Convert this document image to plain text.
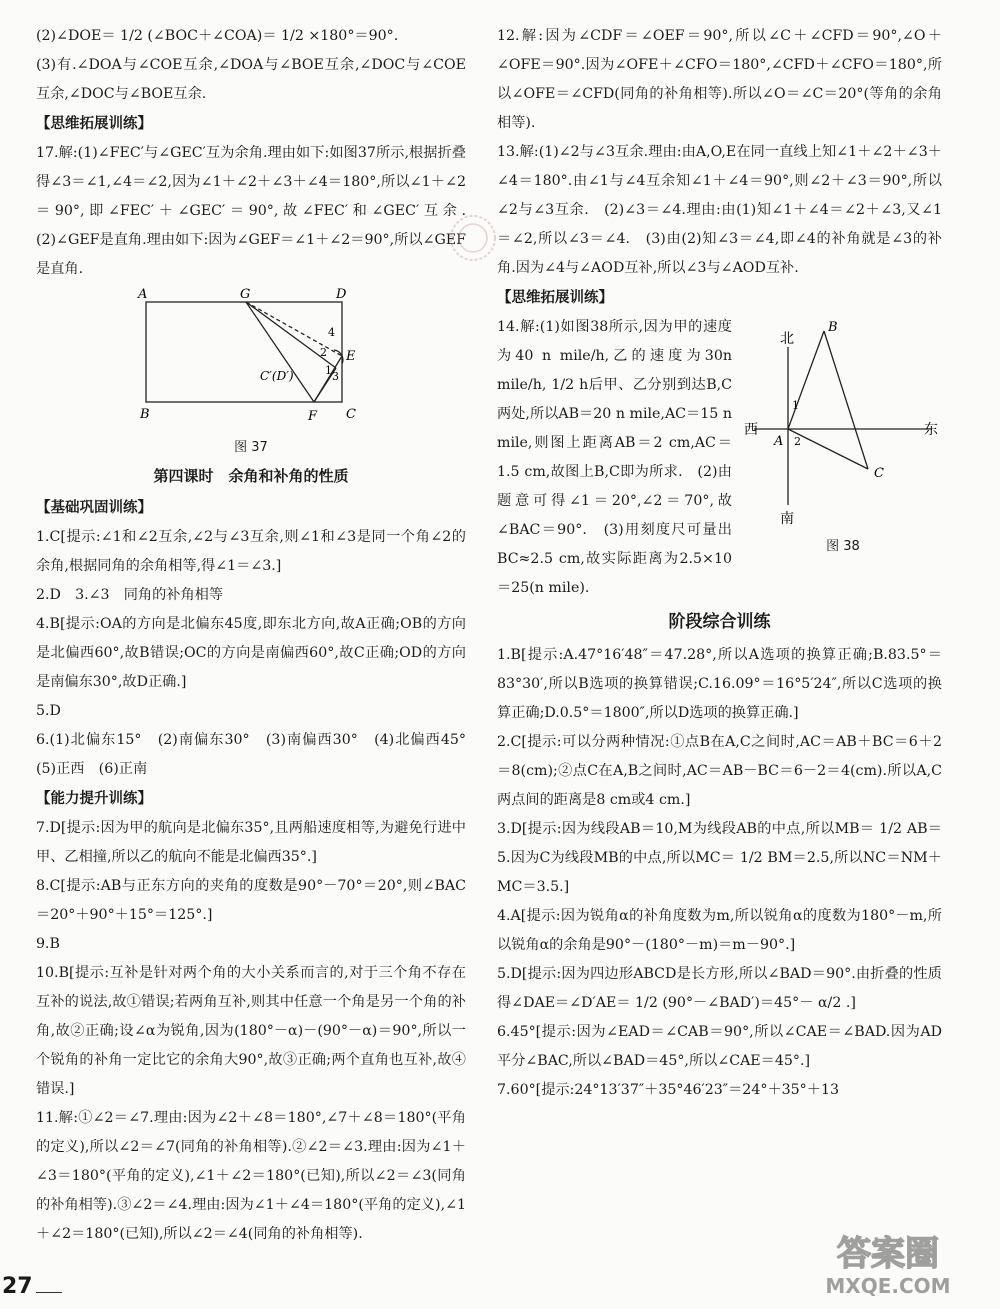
(2)∠DOE＝ 1/2 (∠BOC＋∠COA)＝ 1/2 ×180°＝90°.

(3)有.∠DOA与∠COE互余,∠DOA与∠BOE互余,∠DOC与∠COE互余,∠DOC与∠BOE互余.

【思维拓展训练】

17.解:(1)∠FEC′与∠GEC′互为余角.理由如下:如图37所示,根据折叠得∠3＝∠1,∠4＝∠2,因为∠1＋∠2＋∠3＋∠4＝180°,所以∠1＋∠2＝90°,即∠FEC′＋∠GEC′＝90°,故∠FEC′和∠GEC′互余.　(2)∠GEF是直角.理由如下:因为∠GEF＝∠1＋∠2＝90°,所以∠GEF是直角.

A	G	D
B	F C
E
C′(D′)	1
2
3
4
图 37
第四课时　余角和补角的性质
【基础巩固训练】

1.C[提示:∠1和∠2互余,∠2与∠3互余,则∠1和∠3是同一个角∠2的余角,根据同角的余角相等,得∠1＝∠3.]

2.D　3.∠3　同角的补角相等

4.B[提示:OA的方向是北偏东45度,即东北方向,故A正确;OB的方向是北偏西60°,故B错误;OC的方向是南偏西60°,故C正确;OD的方向是南偏东30°,故D正确.]

5.D

6.(1)北偏东15°　(2)南偏东30°　(3)南偏西30°　(4)北偏西45°　(5)正西　(6)正南

【能力提升训练】

7.D[提示:因为甲的航向是北偏东35°,且两船速度相等,为避免行进中甲、乙相撞,所以乙的航向不能是北偏西35°.]

8.C[提示:AB与正东方向的夹角的度数是90°－70°＝20°,则∠BAC＝20°＋90°＋15°＝125°.]

9.B

10.B[提示:互补是针对两个角的大小关系而言的,对于三个角不存在互补的说法,故①错误;若两角互补,则其中任意一个角是另一个角的补角,故②正确;设∠α为锐角,因为(180°－α)－(90°－α)＝90°,所以一个锐角的补角一定比它的余角大90°,故③正确;两个直角也互补,故④错误.]

11.解:①∠2＝∠7.理由:因为∠2＋∠8＝180°,∠7＋∠8＝180°(平角的定义),所以∠2＝∠7(同角的补角相等).②∠2＝∠3.理由:因为∠1＋∠3＝180°(平角的定义),∠1＋∠2＝180°(已知),所以∠2＝∠3(同角的补角相等).③∠2＝∠4.理由:因为∠1＋∠4＝180°(平角的定义),∠1＋∠2＝180°(已知),所以∠2＝∠4(同角的补角相等).

12.解:因为∠CDF＝∠OEF＝90°,所以∠C＋∠CFD＝90°,∠O＋∠OFE＝90°.因为∠OFE＋∠CFO＝180°,∠CFD＋∠CFO＝180°,所以∠OFE＝∠CFD(同角的补角相等).所以∠O＝∠C＝20°(等角的余角相等).

13.解:(1)∠2与∠3互余.理由:由A,O,E在同一直线上知∠1＋∠2＋∠3＋∠4＝180°.由∠1与∠4互余知∠1＋∠4＝90°,则∠2＋∠3＝90°,所以∠2与∠3互余.　(2)∠3＝∠4.理由:由(1)知∠1＋∠4＝∠2＋∠3,又∠1＝∠2,所以∠3＝∠4.　(3)由(2)知∠3＝∠4,即∠4的补角就是∠3的补角.因为∠4与∠AOD互补,所以∠3与∠AOD互补.

【思维拓展训练】

14.解:(1)如图38所示,因为甲的速度为40 n mile/h,乙的速度为30n mile/h, 1/2 h后甲、乙分别到达B,C两处,所以AB＝20 n mile,AC＝15 n mile,则图上距离AB＝2 cm,AC＝1.5 cm,故图上B,C即为所求.　(2)由题意可得∠1＝20°,∠2＝70°,故∠BAC＝90°.　(3)用刻度尺可量出BC≈2.5 cm,故实际距离为2.5×10＝25(n mile).

北
南
西	东
A
B
C
1
2
图 38
阶段综合训练

1.B[提示:A.47°16′48″＝47.28°,所以A选项的换算正确;B.83.5°＝83°30′,所以B选项的换算错误;C.16.09°＝16°5′24″,所以C选项的换算正确;D.0.5°＝1800″,所以D选项的换算正确.]

2.C[提示:可以分两种情况:①点B在A,C之间时,AC＝AB＋BC＝6＋2＝8(cm);②点C在A,B之间时,AC＝AB－BC＝6－2＝4(cm).所以A,C两点间的距离是8 cm或4 cm.]

3.D[提示:因为线段AB＝10,M为线段AB的中点,所以MB＝ 1/2 AB＝5.因为C为线段MB的中点,所以MC＝ 1/2 BM＝2.5,所以NC＝NM＋MC＝3.5.]

4.A[提示:因为锐角α的补角度数为m,所以锐角α的度数为180°－m,所以锐角α的余角是90°－(180°－m)＝m－90°.]

5.D[提示:因为四边形ABCD是长方形,所以∠BAD＝90°.由折叠的性质得∠DAE＝∠D′AE＝ 1/2 (90°－∠BAD′)＝45°－ α/2 .]

6.45°[提示:因为∠EAD＝∠CAB＝90°,所以∠CAE＝∠BAD.因为AD平分∠BAC,所以∠BAD＝45°,所以∠CAE＝45°.]

7.60°[提示:24°13′37″＋35°46′23″＝24°＋35°＋13

27
答案圈
MXQE.COM
